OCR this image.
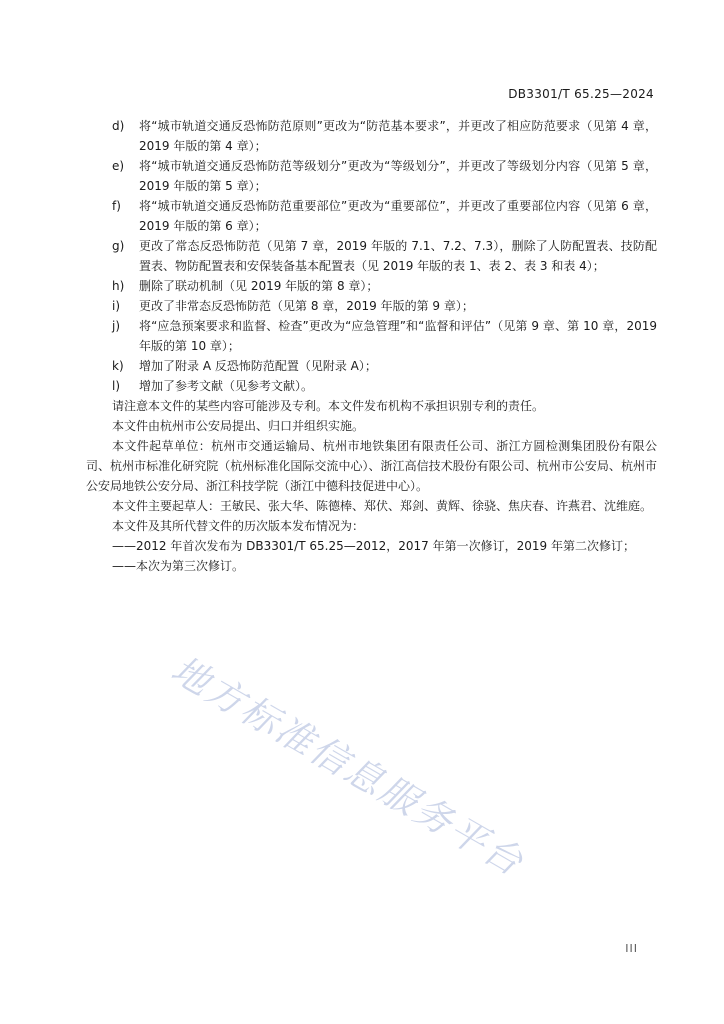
DB3301/T 65.25—2024
d)	将“城市轨道交通反恐怖防范原则”更改为“防范基本要求”，并更改了相应防范要求（见第 4 章，2019 年版的第 4 章）；
e)	将“城市轨道交通反恐怖防范等级划分”更改为“等级划分”，并更改了等级划分内容（见第 5 章，2019 年版的第 5 章）；
f)	将“城市轨道交通反恐怖防范重要部位”更改为“重要部位”，并更改了重要部位内容（见第 6 章，2019 年版的第 6 章）；
g)	更改了常态反恐怖防范（见第 7 章，2019 年版的 7.1、7.2、7.3），删除了人防配置表、技防配置表、物防配置表和安保装备基本配置表（见 2019 年版的表 1、表 2、表 3 和表 4）；
h)	删除了联动机制（见 2019 年版的第 8 章）；
i)	更改了非常态反恐怖防范（见第 8 章，2019 年版的第 9 章）；
j)	将“应急预案要求和监督、检查”更改为“应急管理”和“监督和评估”（见第 9 章、第 10 章，2019 年版的第 10 章）；
k)	增加了附录 A 反恐怖防范配置（见附录 A）；
l)	增加了参考文献（见参考文献）。

请注意本文件的某些内容可能涉及专利。本文件发布机构不承担识别专利的责任。

本文件由杭州市公安局提出、归口并组织实施。

本文件起草单位：杭州市交通运输局、杭州市地铁集团有限责任公司、浙江方圆检测集团股份有限公司、杭州市标准化研究院（杭州标准化国际交流中心）、浙江高信技术股份有限公司、杭州市公安局、杭州市公安局地铁公安分局、浙江科技学院（浙江中德科技促进中心）。

本文件主要起草人：王敏民、张大华、陈德棒、郑伏、郑剑、黄辉、徐骁、焦庆春、许燕君、沈维庭。

本文件及其所代替文件的历次版本发布情况为：

——2012 年首次发布为 DB3301/T 65.25—2012，2017 年第一次修订，2019 年第二次修订；

——本次为第三次修订。

地方标准信息服务平台
III
